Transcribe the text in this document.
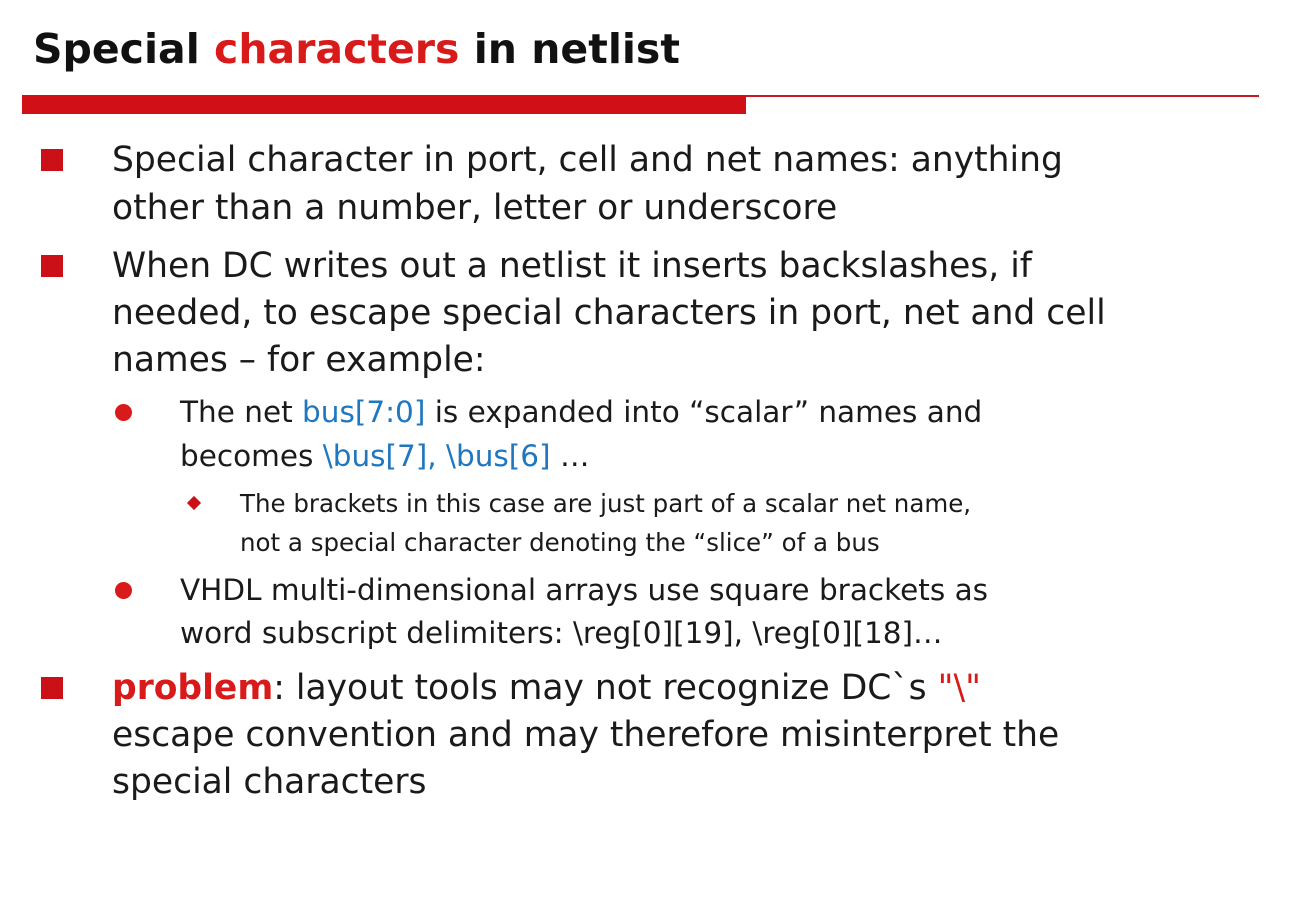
Special characters in netlist

Special character in port, cell and net names: anything

other than a number, letter or underscore

When DC writes out a netlist it inserts backslashes, if

needed, to escape special characters in port, net and cell

names – for example:

The net bus[7:0] is expanded into “scalar” names and

becomes \bus[7], \bus[6] …

The brackets in this case are just part of a scalar net name,

not a special character denoting the “slice” of a bus

VHDL multi-dimensional arrays use square brackets as

word subscript delimiters: \reg[0][19], \reg[0][18]…

problem: layout tools may not recognize DC`s "\"

escape convention and may therefore misinterpret the

special characters
